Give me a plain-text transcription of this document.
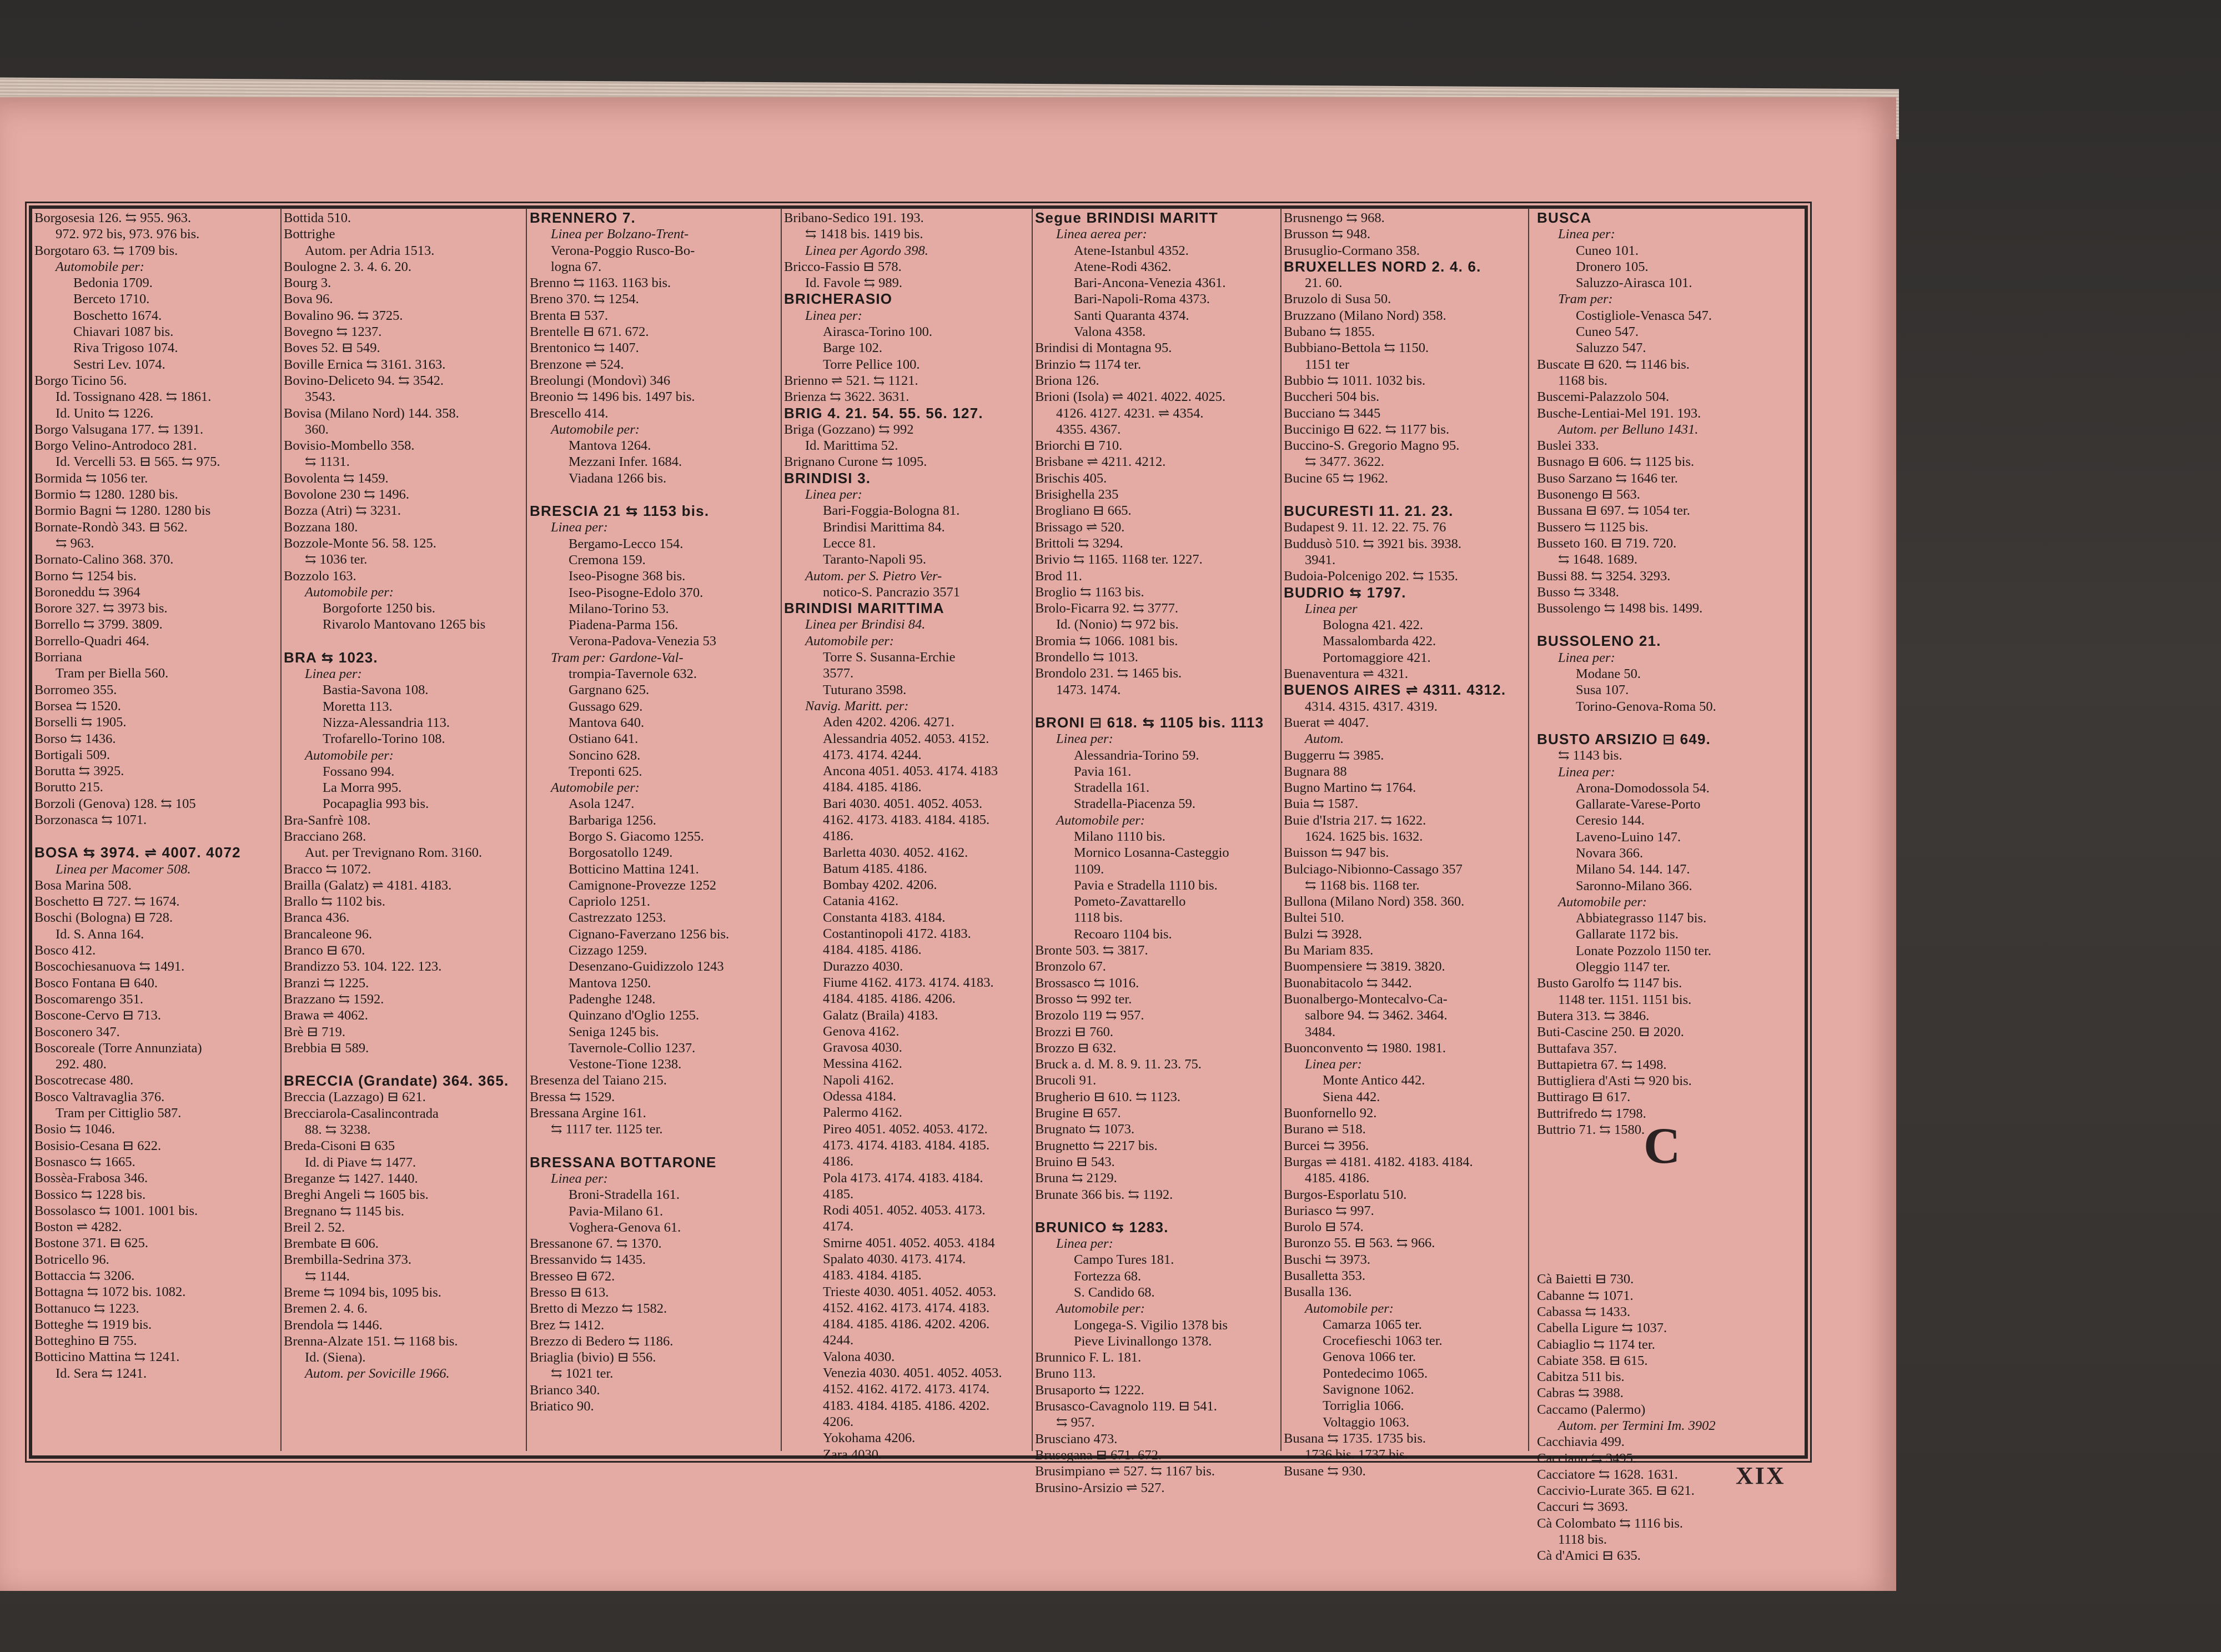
Borgosesia 126. ⇆ 955. 963.
972. 972 bis, 973. 976 bis.
Borgotaro 63. ⇆ 1709 bis.
Automobile per:
Bedonia 1709.
Berceto 1710.
Boschetto 1674.
Chiavari 1087 bis.
Riva Trigoso 1074.
Sestri Lev. 1074.
Borgo Ticino 56.
Id. Tossignano 428. ⇆ 1861.
Id. Unito ⇆ 1226.
Borgo Valsugana 177. ⇆ 1391.
Borgo Velino-Antrodoco 281.
Id. Vercelli 53. ⊟ 565. ⇆ 975.
Bormida ⇆ 1056 ter.
Bormio ⇆ 1280. 1280 bis.
Bormio Bagni ⇆ 1280. 1280 bis
Bornate-Rondò 343. ⊟ 562.
⇆ 963.
Bornato-Calino 368. 370.
Borno ⇆ 1254 bis.
Boroneddu ⇆ 3964
Borore 327. ⇆ 3973 bis.
Borrello ⇆ 3799. 3809.
Borrello-Quadri 464.
Borriana
Tram per Biella 560.
Borromeo 355.
Borsea ⇆ 1520.
Borselli ⇆ 1905.
Borso ⇆ 1436.
Bortigali 509.
Borutta ⇆ 3925.
Borutto 215.
Borzoli (Genova) 128. ⇆ 105
Borzonasca ⇆ 1071.
BOSA ⇆ 3974. ⇌ 4007. 4072
Linea per Macomer 508.
Bosa Marina 508.
Boschetto ⊟ 727. ⇆ 1674.
Boschi (Bologna) ⊟ 728.
Id. S. Anna 164.
Bosco 412.
Boscochiesanuova ⇆ 1491.
Bosco Fontana ⊟ 640.
Boscomarengo 351.
Boscone-Cervo ⊟ 713.
Bosconero 347.
Boscoreale (Torre Annunziata)
292. 480.
Boscotrecase 480.
Bosco Valtravaglia 376.
Tram per Cittiglio 587.
Bosio ⇆ 1046.
Bosisio-Cesana ⊟ 622.
Bosnasco ⇆ 1665.
Bossèa-Frabosa 346.
Bossico ⇆ 1228 bis.
Bossolasco ⇆ 1001. 1001 bis.
Boston ⇌ 4282.
Bostone 371. ⊟ 625.
Botricello 96.
Bottaccia ⇆ 3206.
Bottagna ⇆ 1072 bis. 1082.
Bottanuco ⇆ 1223.
Botteghe ⇆ 1919 bis.
Botteghino ⊟ 755.
Botticino Mattina ⇆ 1241.
Id. Sera ⇆ 1241.
Bottida 510.
Bottrighe
Autom. per Adria 1513.
Boulogne 2. 3. 4. 6. 20.
Bourg 3.
Bova 96.
Bovalino 96. ⇆ 3725.
Bovegno ⇆ 1237.
Boves 52. ⊟ 549.
Boville Ernica ⇆ 3161. 3163.
Bovino-Deliceto 94. ⇆ 3542.
3543.
Bovisa (Milano Nord) 144. 358.
360.
Bovisio-Mombello 358.
⇆ 1131.
Bovolenta ⇆ 1459.
Bovolone 230 ⇆ 1496.
Bozza (Atri) ⇆ 3231.
Bozzana 180.
Bozzole-Monte 56. 58. 125.
⇆ 1036 ter.
Bozzolo 163.
Automobile per:
Borgoforte 1250 bis.
Rivarolo Mantovano 1265 bis
BRA ⇆ 1023.
Linea per:
Bastia-Savona 108.
Moretta 113.
Nizza-Alessandria 113.
Trofarello-Torino 108.
Automobile per:
Fossano 994.
La Morra 995.
Pocapaglia 993 bis.
Bra-Sanfrè 108.
Bracciano 268.
Aut. per Trevignano Rom. 3160.
Bracco ⇆ 1072.
Brailla (Galatz) ⇌ 4181. 4183.
Brallo ⇆ 1102 bis.
Branca 436.
Brancaleone 96.
Branco ⊟ 670.
Brandizzo 53. 104. 122. 123.
Branzi ⇆ 1225.
Brazzano ⇆ 1592.
Brawa ⇌ 4062.
Brè ⊟ 719.
Brebbia ⊟ 589.
BRECCIA (Grandate) 364. 365.
Breccia (Lazzago) ⊟ 621.
Brecciarola-Casalincontrada
88. ⇆ 3238.
Breda-Cisoni ⊟ 635
Id. di Piave ⇆ 1477.
Breganze ⇆ 1427. 1440.
Breghi Angeli ⇆ 1605 bis.
Bregnano ⇆ 1145 bis.
Breil 2. 52.
Brembate ⊟ 606.
Brembilla-Sedrina 373.
⇆ 1144.
Breme ⇆ 1094 bis, 1095 bis.
Bremen 2. 4. 6.
Brendola ⇆ 1446.
Brenna-Alzate 151. ⇆ 1168 bis.
Id. (Siena).
Autom. per Sovicille 1966.
BRENNERO 7.
Linea per Bolzano-Trent-
Verona-Poggio Rusco-Bo-
logna 67.
Brenno ⇆ 1163. 1163 bis.
Breno 370. ⇆ 1254.
Brenta ⊟ 537.
Brentelle ⊟ 671. 672.
Brentonico ⇆ 1407.
Brenzone ⇌ 524.
Breolungi (Mondovì) 346
Breonio ⇆ 1496 bis. 1497 bis.
Brescello 414.
Automobile per:
Mantova 1264.
Mezzani Infer. 1684.
Viadana 1266 bis.
BRESCIA 21 ⇆ 1153 bis.
Linea per:
Bergamo-Lecco 154.
Cremona 159.
Iseo-Pisogne 368 bis.
Iseo-Pisogne-Edolo 370.
Milano-Torino 53.
Piadena-Parma 156.
Verona-Padova-Venezia 53
Tram per: Gardone-Val-
trompia-Tavernole 632.
Gargnano 625.
Gussago 629.
Mantova 640.
Ostiano 641.
Soncino 628.
Treponti 625.
Automobile per:
Asola 1247.
Barbariga 1256.
Borgo S. Giacomo 1255.
Borgosatollo 1249.
Botticino Mattina 1241.
Camignone-Provezze 1252
Capriolo 1251.
Castrezzato 1253.
Cignano-Faverzano 1256 bis.
Cizzago 1259.
Desenzano-Guidizzolo 1243
Mantova 1250.
Padenghe 1248.
Quinzano d'Oglio 1255.
Seniga 1245 bis.
Tavernole-Collio 1237.
Vestone-Tione 1238.
Bresenza del Taiano 215.
Bressa ⇆ 1529.
Bressana Argine 161.
⇆ 1117 ter. 1125 ter.
BRESSANA BOTTARONE
Linea per:
Broni-Stradella 161.
Pavia-Milano 61.
Voghera-Genova 61.
Bressanone 67. ⇆ 1370.
Bressanvido ⇆ 1435.
Bresseo ⊟ 672.
Bresso ⊟ 613.
Bretto di Mezzo ⇆ 1582.
Brez ⇆ 1412.
Brezzo di Bedero ⇆ 1186.
Briaglia (bivio) ⊟ 556.
⇆ 1021 ter.
Brianco 340.
Briatico 90.
Bribano-Sedico 191. 193.
⇆ 1418 bis. 1419 bis.
Linea per Agordo 398.
Bricco-Fassio ⊟ 578.
Id. Favole ⇆ 989.
BRICHERASIO
Linea per:
Airasca-Torino 100.
Barge 102.
Torre Pellice 100.
Brienno ⇌ 521. ⇆ 1121.
Brienza ⇆ 3622. 3631.
BRIG 4. 21. 54. 55. 56. 127.
Briga (Gozzano) ⇆ 992
Id. Marittima 52.
Brignano Curone ⇆ 1095.
BRINDISI 3.
Linea per:
Bari-Foggia-Bologna 81.
Brindisi Marittima 84.
Lecce 81.
Taranto-Napoli 95.
Autom. per S. Pietro Ver-
notico-S. Pancrazio 3571
BRINDISI MARITTIMA
Linea per Brindisi 84.
Automobile per:
Torre S. Susanna-Erchie
3577.
Tuturano 3598.
Navig. Maritt. per:
Aden 4202. 4206. 4271.
Alessandria 4052. 4053. 4152.
4173. 4174. 4244.
Ancona 4051. 4053. 4174. 4183
4184. 4185. 4186.
Bari 4030. 4051. 4052. 4053.
4162. 4173. 4183. 4184. 4185.
4186.
Barletta 4030. 4052. 4162.
Batum 4185. 4186.
Bombay 4202. 4206.
Catania 4162.
Constanta 4183. 4184.
Costantinopoli 4172. 4183.
4184. 4185. 4186.
Durazzo 4030.
Fiume 4162. 4173. 4174. 4183.
4184. 4185. 4186. 4206.
Galatz (Braila) 4183.
Genova 4162.
Gravosa 4030.
Messina 4162.
Napoli 4162.
Odessa 4184.
Palermo 4162.
Pireo 4051. 4052. 4053. 4172.
4173. 4174. 4183. 4184. 4185.
4186.
Pola 4173. 4174. 4183. 4184.
4185.
Rodi 4051. 4052. 4053. 4173.
4174.
Smirne 4051. 4052. 4053. 4184
Spalato 4030. 4173. 4174.
4183. 4184. 4185.
Trieste 4030. 4051. 4052. 4053.
4152. 4162. 4173. 4174. 4183.
4184. 4185. 4186. 4202. 4206.
4244.
Valona 4030.
Venezia 4030. 4051. 4052. 4053.
4152. 4162. 4172. 4173. 4174.
4183. 4184. 4185. 4186. 4202.
4206.
Yokohama 4206.
Zara 4030.
Segue BRINDISI MARITT
Linea aerea per:
Atene-Istanbul 4352.
Atene-Rodi 4362.
Bari-Ancona-Venezia 4361.
Bari-Napoli-Roma 4373.
Santi Quaranta 4374.
Valona 4358.
Brindisi di Montagna 95.
Brinzio ⇆ 1174 ter.
Briona 126.
Brioni (Isola) ⇌ 4021. 4022. 4025.
4126. 4127. 4231. ⇌ 4354.
4355. 4367.
Briorchi ⊟ 710.
Brisbane ⇌ 4211. 4212.
Brischis 405.
Brisighella 235
Brogliano ⊟ 665.
Brissago ⇌ 520.
Brittoli ⇆ 3294.
Brivio ⇆ 1165. 1168 ter. 1227.
Brod 11.
Broglio ⇆ 1163 bis.
Brolo-Ficarra 92. ⇆ 3777.
Id. (Nonio) ⇆ 972 bis.
Bromia ⇆ 1066. 1081 bis.
Brondello ⇆ 1013.
Brondolo 231. ⇆ 1465 bis.
1473. 1474.
BRONI ⊟ 618. ⇆ 1105 bis. 1113
Linea per:
Alessandria-Torino 59.
Pavia 161.
Stradella 161.
Stradella-Piacenza 59.
Automobile per:
Milano 1110 bis.
Mornico Losanna-Casteggio
1109.
Pavia e Stradella 1110 bis.
Pometo-Zavattarello
1118 bis.
Recoaro 1104 bis.
Bronte 503. ⇆ 3817.
Bronzolo 67.
Brossasco ⇆ 1016.
Brosso ⇆ 992 ter.
Brozolo 119 ⇆ 957.
Brozzi ⊟ 760.
Brozzo ⊟ 632.
Bruck a. d. M. 8. 9. 11. 23. 75.
Brucoli 91.
Brugherio ⊟ 610. ⇆ 1123.
Brugine ⊟ 657.
Brugnato ⇆ 1073.
Brugnetto ⇆ 2217 bis.
Bruino ⊟ 543.
Bruna ⇆ 2129.
Brunate 366 bis. ⇆ 1192.
BRUNICO ⇆ 1283.
Linea per:
Campo Tures 181.
Fortezza 68.
S. Candido 68.
Automobile per:
Longega-S. Vigilio 1378 bis
Pieve Livinallongo 1378.
Brunnico F. L. 181.
Bruno 113.
Brusaporto ⇆ 1222.
Brusasco-Cavagnolo 119. ⊟ 541.
⇆ 957.
Brusciano 473.
Brusegana ⊟ 671. 672.
Brusimpiano ⇌ 527. ⇆ 1167 bis.
Brusino-Arsizio ⇌ 527.
Brusnengo ⇆ 968.
Brusson ⇆ 948.
Brusuglio-Cormano 358.
BRUXELLES NORD 2. 4. 6.
21. 60.
Bruzolo di Susa 50.
Bruzzano (Milano Nord) 358.
Bubano ⇆ 1855.
Bubbiano-Bettola ⇆ 1150.
1151 ter
Bubbio ⇆ 1011. 1032 bis.
Buccheri 504 bis.
Bucciano ⇆ 3445
Buccinigo ⊟ 622. ⇆ 1177 bis.
Buccino-S. Gregorio Magno 95.
⇆ 3477. 3622.
Bucine 65 ⇆ 1962.
BUCURESTI 11. 21. 23.
Budapest 9. 11. 12. 22. 75. 76
Buddusò 510. ⇆ 3921 bis. 3938.
3941.
Budoia-Polcenigo 202. ⇆ 1535.
BUDRIO ⇆ 1797.
Linea per
Bologna 421. 422.
Massalombarda 422.
Portomaggiore 421.
Buenaventura ⇌ 4321.
BUENOS AIRES ⇌ 4311. 4312.
4314. 4315. 4317. 4319.
Buerat ⇌ 4047.
Autom.
Buggerru ⇆ 3985.
Bugnara 88
Bugno Martino ⇆ 1764.
Buia ⇆ 1587.
Buie d'Istria 217. ⇆ 1622.
1624. 1625 bis. 1632.
Buisson ⇆ 947 bis.
Bulciago-Nibionno-Cassago 357
⇆ 1168 bis. 1168 ter.
Bullona (Milano Nord) 358. 360.
Bultei 510.
Bulzi ⇆ 3928.
Bu Mariam 835.
Buompensiere ⇆ 3819. 3820.
Buonabitacolo ⇆ 3442.
Buonalbergo-Montecalvo-Ca-
salbore 94. ⇆ 3462. 3464.
3484.
Buonconvento ⇆ 1980. 1981.
Linea per:
Monte Antico 442.
Siena 442.
Buonfornello 92.
Burano ⇌ 518.
Burcei ⇆ 3956.
Burgas ⇌ 4181. 4182. 4183. 4184.
4185. 4186.
Burgos-Esporlatu 510.
Buriasco ⇆ 997.
Burolo ⊟ 574.
Buronzo 55. ⊟ 563. ⇆ 966.
Buschi ⇆ 3973.
Busalletta 353.
Busalla 136.
Automobile per:
Camarza 1065 ter.
Crocefieschi 1063 ter.
Genova 1066 ter.
Pontedecimo 1065.
Savignone 1062.
Torriglia 1066.
Voltaggio 1063.
Busana ⇆ 1735. 1735 bis.
1736 bis. 1737 bis.
Busane ⇆ 930.
BUSCA
Linea per:
Cuneo 101.
Dronero 105.
Saluzzo-Airasca 101.
Tram per:
Costigliole-Venasca 547.
Cuneo 547.
Saluzzo 547.
Buscate ⊟ 620. ⇆ 1146 bis.
1168 bis.
Buscemi-Palazzolo 504.
Busche-Lentiai-Mel 191. 193.
Autom. per Belluno 1431.
Buslei 333.
Busnago ⊟ 606. ⇆ 1125 bis.
Buso Sarzano ⇆ 1646 ter.
Busonengo ⊟ 563.
Bussana ⊟ 697. ⇆ 1054 ter.
Bussero ⇆ 1125 bis.
Busseto 160. ⊟ 719. 720.
⇆ 1648. 1689.
Bussi 88. ⇆ 3254. 3293.
Busso ⇆ 3348.
Bussolengo ⇆ 1498 bis. 1499.
BUSSOLENO 21.
Linea per:
Modane 50.
Susa 107.
Torino-Genova-Roma 50.
BUSTO ARSIZIO ⊟ 649.
⇆ 1143 bis.
Linea per:
Arona-Domodossola 54.
Gallarate-Varese-Porto
Ceresio 144.
Laveno-Luino 147.
Novara 366.
Milano 54. 144. 147.
Saronno-Milano 366.
Automobile per:
Abbiategrasso 1147 bis.
Gallarate 1172 bis.
Lonate Pozzolo 1150 ter.
Oleggio 1147 ter.
Busto Garolfo ⇆ 1147 bis.
1148 ter. 1151. 1151 bis.
Butera 313. ⇆ 3846.
Buti-Cascine 250. ⊟ 2020.
Buttafava 357.
Buttapietra 67. ⇆ 1498.
Buttigliera d'Asti ⇆ 920 bis.
Buttirago ⊟ 617.
Buttrifredo ⇆ 1798.
Buttrio 71. ⇆ 1580.
Cà Baietti ⊟ 730.
Cabanne ⇆ 1071.
Cabassa ⇆ 1433.
Cabella Ligure ⇆ 1037.
Cabiaglio ⇆ 1174 ter.
Cabiate 358. ⊟ 615.
Cabitza 511 bis.
Cabras ⇆ 3988.
Caccamo (Palermo)
Autom. per Termini Im. 3902
Cacchiavia 499.
Cacciano ⇆ 3495.
Cacciatore ⇆ 1628. 1631.
Caccivio-Lurate 365. ⊟ 621.
Caccuri ⇆ 3693.
Cà Colombato ⇆ 1116 bis.
1118 bis.
Cà d'Amici ⊟ 635.
C
XIX
